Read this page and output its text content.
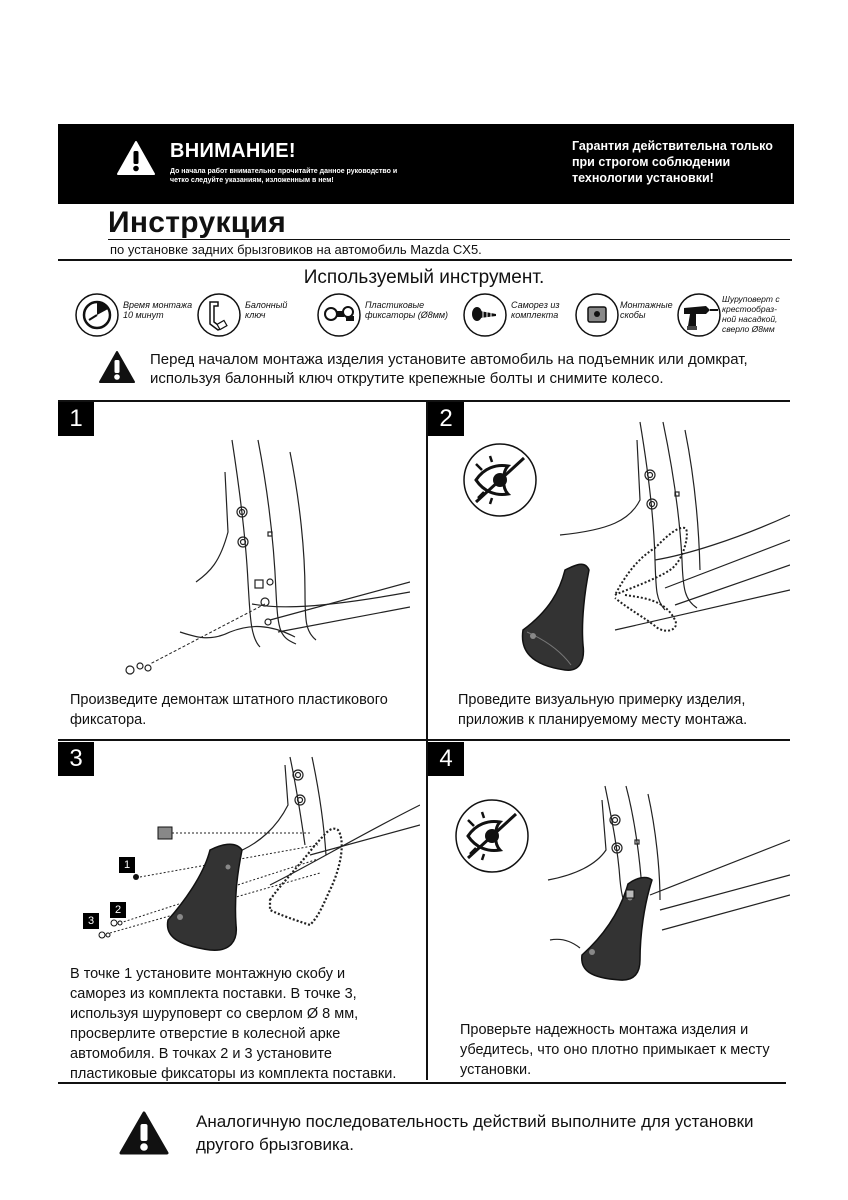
ВНИМАНИЕ!
До начала работ внимательно прочитайте данное руководство и четко следуйте указаниям, изложенным в нем!
Гарантия действительна только при строгом соблюдении технологии установки!
Инструкция
по установке задних брызговиков на автомобиль Mazda CX5.
Используемый инструмент.
Время монтажа 10 минут
Балонный ключ
Пластиковые фиксаторы (Ø8мм)
Саморез из комплекта
Монтажные скобы
Шуруповерт с крестообраз- ной насадкой, сверло Ø8мм
Перед началом монтажа изделия установите автомобиль на подъемник или домкрат, используя балонный ключ открутите крепежные болты и снимите колесо.
1
Произведите демонтаж штатного пластикового фиксатора.
2
Проведите визуальную примерку изделия, приложив к планируемому месту монтажа.
3
1
2
3
В точке 1 установите монтажную скобу и саморез из комплекта поставки. В точке 3, используя шуруповерт со сверлом Ø 8 мм, просверлите отверстие в колесной арке автомобиля. В точках 2 и 3 установите пластиковые фиксаторы из комплекта поставки.
4
Проверьте надежность монтажа изделия и убедитесь, что оно плотно примыкает к месту установки.
Аналогичную последовательность действий выполните для установки другого брызговика.
